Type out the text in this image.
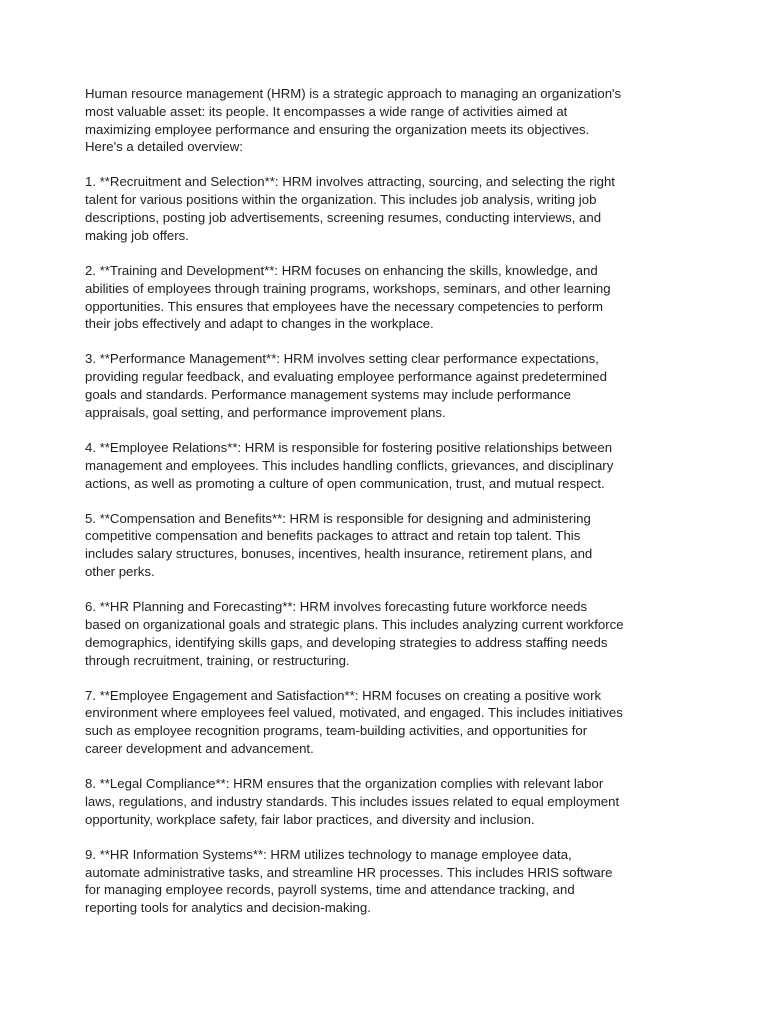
Human resource management (HRM) is a strategic approach to managing an organization's most valuable asset: its people. It encompasses a wide range of activities aimed at maximizing employee performance and ensuring the organization meets its objectives. Here's a detailed overview:

1. **Recruitment and Selection**: HRM involves attracting, sourcing, and selecting the right talent for various positions within the organization. This includes job analysis, writing job descriptions, posting job advertisements, screening resumes, conducting interviews, and making job offers.

2. **Training and Development**: HRM focuses on enhancing the skills, knowledge, and abilities of employees through training programs, workshops, seminars, and other learning opportunities. This ensures that employees have the necessary competencies to perform their jobs effectively and adapt to changes in the workplace.

3. **Performance Management**: HRM involves setting clear performance expectations, providing regular feedback, and evaluating employee performance against predetermined goals and standards. Performance management systems may include performance appraisals, goal setting, and performance improvement plans.

4. **Employee Relations**: HRM is responsible for fostering positive relationships between management and employees. This includes handling conflicts, grievances, and disciplinary actions, as well as promoting a culture of open communication, trust, and mutual respect.

5. **Compensation and Benefits**: HRM is responsible for designing and administering competitive compensation and benefits packages to attract and retain top talent. This includes salary structures, bonuses, incentives, health insurance, retirement plans, and other perks.

6. **HR Planning and Forecasting**: HRM involves forecasting future workforce needs based on organizational goals and strategic plans. This includes analyzing current workforce demographics, identifying skills gaps, and developing strategies to address staffing needs through recruitment, training, or restructuring.

7. **Employee Engagement and Satisfaction**: HRM focuses on creating a positive work environment where employees feel valued, motivated, and engaged. This includes initiatives such as employee recognition programs, team-building activities, and opportunities for career development and advancement.

8. **Legal Compliance**: HRM ensures that the organization complies with relevant labor laws, regulations, and industry standards. This includes issues related to equal employment opportunity, workplace safety, fair labor practices, and diversity and inclusion.

9. **HR Information Systems**: HRM utilizes technology to manage employee data, automate administrative tasks, and streamline HR processes. This includes HRIS software for managing employee records, payroll systems, time and attendance tracking, and reporting tools for analytics and decision-making.
